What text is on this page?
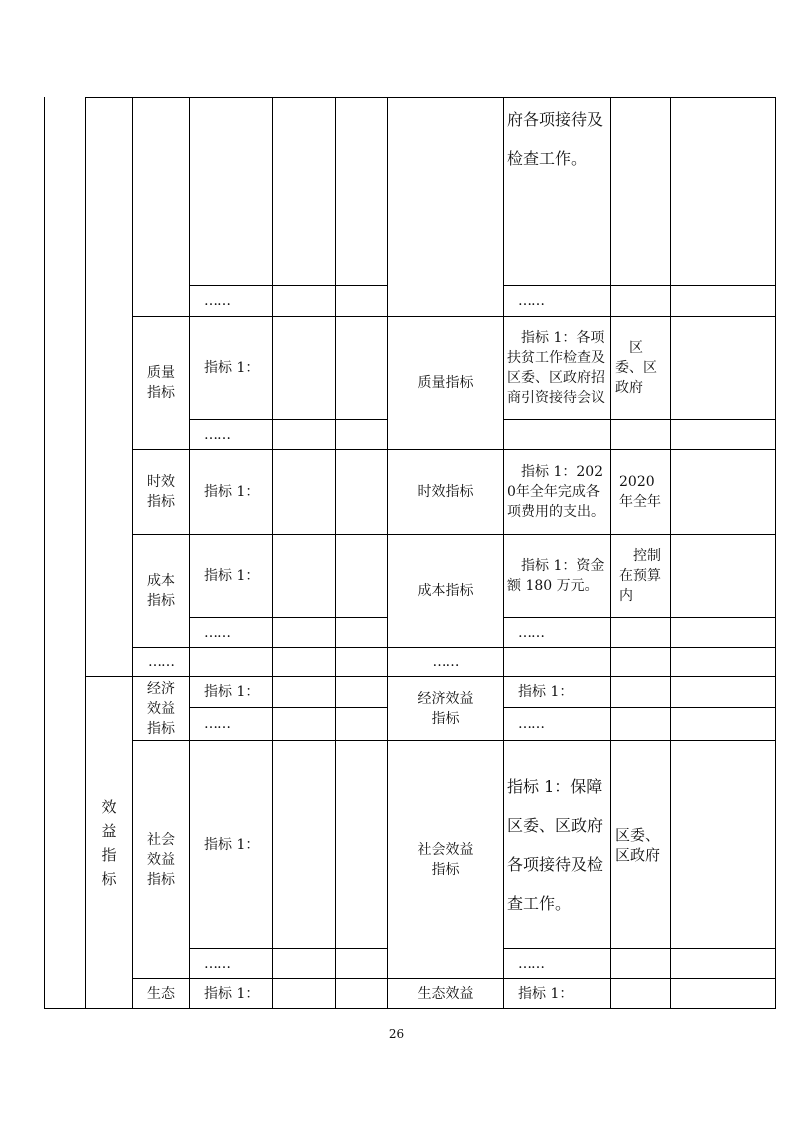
效益指标
质量指标
时效指标
成本指标
……
经济效益指标
社会效益指标
生态
……
指标 1：
……
指标 1：
指标 1：
……
指标 1：
……
指标 1：
……
指标 1：
质量指标
时效指标
成本指标
……
经济效益指标
社会效益指标
生态效益
府各项接待及检查工作。
……
指标 1：各项扶贫工作检查及区委、区政府招商引资接待会议
指标 1：2020年全年完成各项费用的支出。
指标 1：资金额 180 万元。
……
指标 1：
……
指标 1：保障区委、区政府各项接待及检查工作。
……
指标 1：
区委、区政府
2020年全年
控制在预算内
区委、区政府
26
